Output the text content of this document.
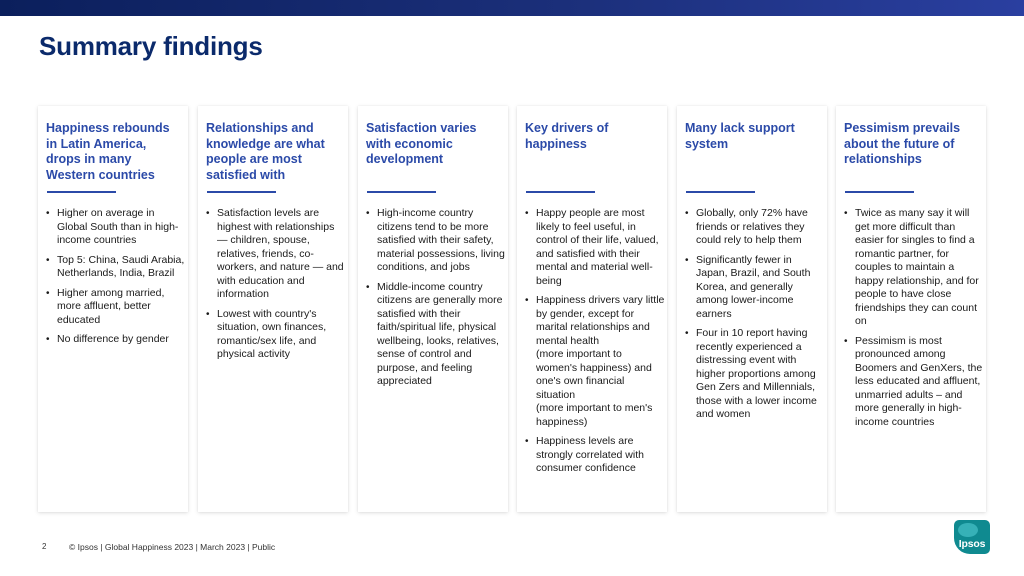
Summary findings
Happiness rebounds in Latin America, drops in many Western countries
• Higher on average in Global South than in high-income countries
• Top 5: China, Saudi Arabia, Netherlands, India, Brazil
• Higher among married, more affluent, better educated
• No difference by gender
Relationships and knowledge are what people are most satisfied with
• Satisfaction levels are highest with relationships — children, spouse, relatives, friends, co-workers, and nature — and with education and information
• Lowest with country's situation, own finances, romantic/sex life, and physical activity
Satisfaction varies with economic development
• High-income country citizens tend to be more satisfied with their safety, material possessions, living conditions, and jobs
• Middle-income country citizens are generally more satisfied with their faith/spiritual life, physical wellbeing, looks, relatives, sense of control and purpose, and feeling appreciated
Key drivers of happiness
• Happy people are most likely to feel useful, in control of their life, valued, and satisfied with their mental and material well-being
• Happiness drivers vary little by gender, except for marital relationships and mental health
(more important to women's happiness) and one's own financial situation
(more important to men's happiness)
• Happiness levels are strongly correlated with consumer confidence
Many lack support system
• Globally, only 72% have friends or relatives they could rely to help them
• Significantly fewer in Japan, Brazil, and South Korea, and generally among lower-income earners
• Four in 10 report having recently experienced a distressing event with higher proportions among Gen Zers and Millennials, those with a lower income and women
Pessimism prevails about the future of relationships
• Twice as many say it will get more difficult than easier for singles to find a romantic partner, for couples to maintain a happy relationship, and for people to have close friendships they can count on
• Pessimism is most pronounced among Boomers and GenXers, the less educated and affluent, unmarried adults – and more generally in high-income countries
2	© Ipsos | Global Happiness 2023 | March 2023 | Public	Ipsos
